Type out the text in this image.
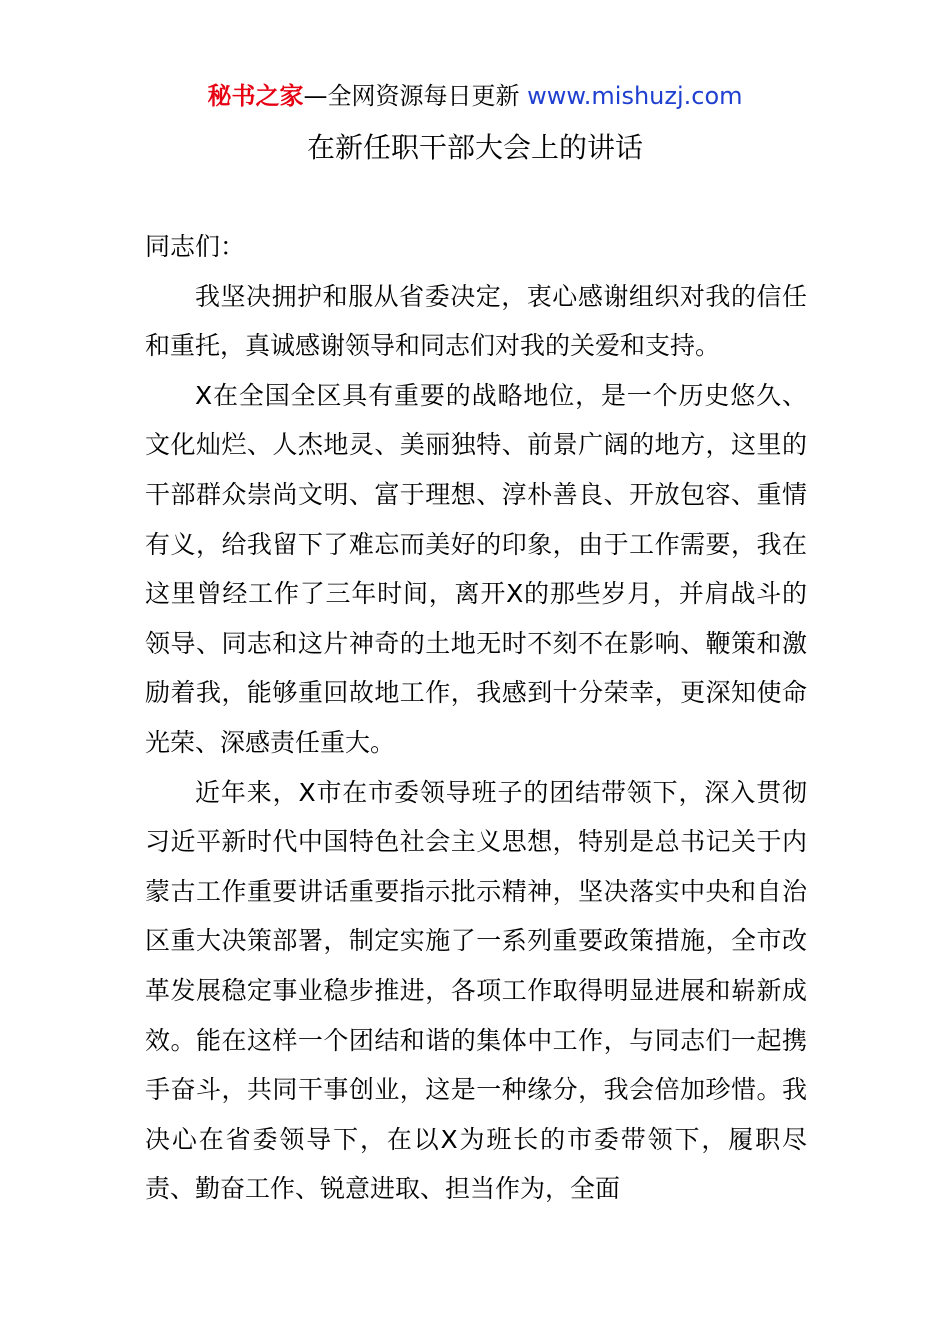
秘书之家—全网资源每日更新 www.mishuzj.com
在新任职干部大会上的讲话

同志们：

我坚决拥护和服从省委决定，衷心感谢组织对我的信任和重托，真诚感谢领导和同志们对我的关爱和支持。

X在全国全区具有重要的战略地位，是一个历史悠久、文化灿烂、人杰地灵、美丽独特、前景广阔的地方，这里的干部群众崇尚文明、富于理想、淳朴善良、开放包容、重情有义，给我留下了难忘而美好的印象，由于工作需要，我在这里曾经工作了三年时间，离开X的那些岁月，并肩战斗的领导、同志和这片神奇的土地无时不刻不在影响、鞭策和激励着我，能够重回故地工作，我感到十分荣幸，更深知使命光荣、深感责任重大。

近年来，X市在市委领导班子的团结带领下，深入贯彻习近平新时代中国特色社会主义思想，特别是总书记关于内蒙古工作重要讲话重要指示批示精神，坚决落实中央和自治区重大决策部署，制定实施了一系列重要政策措施，全市改革发展稳定事业稳步推进，各项工作取得明显进展和崭新成效。能在这样一个团结和谐的集体中工作，与同志们一起携手奋斗，共同干事创业，这是一种缘分，我会倍加珍惜。我决心在省委领导下，在以X为班长的市委带领下，履职尽责、勤奋工作、锐意进取、担当作为，全面
